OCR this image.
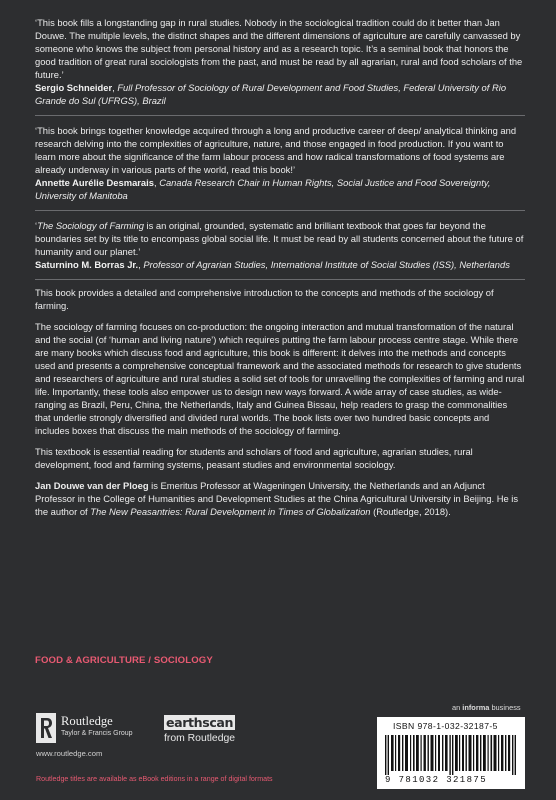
‘This book fills a longstanding gap in rural studies. Nobody in the sociological tradition could do it better than Jan Douwe. The multiple levels, the distinct shapes and the different dimensions of agriculture are carefully canvassed by someone who knows the subject from personal history and as a research topic. It’s a seminal book that honors the good tradition of great rural sociologists from the past, and must be read by all agrarian, rural and food scholars of the future.’
Sergio Schneider, Full Professor of Sociology of Rural Development and Food Studies, Federal University of Rio Grande do Sul (UFRGS), Brazil
‘This book brings together knowledge acquired through a long and productive career of deep/ analytical thinking and research delving into the complexities of agriculture, nature, and those engaged in food production. If you want to learn more about the significance of the farm labour process and how radical transformations of food systems are already underway in various parts of the world, read this book!’
Annette Aurélie Desmarais, Canada Research Chair in Human Rights, Social Justice and Food Sovereignty, University of Manitoba
‘The Sociology of Farming is an original, grounded, systematic and brilliant textbook that goes far beyond the boundaries set by its title to encompass global social life. It must be read by all students concerned about the future of humanity and our planet.’
Saturnino M. Borras Jr., Professor of Agrarian Studies, International Institute of Social Studies (ISS), Netherlands

This book provides a detailed and comprehensive introduction to the concepts and methods of the sociology of farming.

The sociology of farming focuses on co-production: the ongoing interaction and mutual transformation of the natural and the social (of ‘human and living nature’) which requires putting the farm labour process centre stage. While there are many books which discuss food and agriculture, this book is different: it delves into the methods and concepts used and presents a comprehensive conceptual framework and the associated methods for research to give students and researchers of agriculture and rural studies a solid set of tools for unravelling the complexities of farming and rural life. Importantly, these tools also empower us to design new ways forward. A wide array of case studies, as wide-ranging as Brazil, Peru, China, the Netherlands, Italy and Guinea Bissau, help readers to grasp the commonalities that underlie strongly diversified and divided rural worlds. The book lists over two hundred basic concepts and includes boxes that discuss the main methods of the sociology of farming.

This textbook is essential reading for students and scholars of food and agriculture, agrarian studies, rural development, food and farming systems, peasant studies and environmental sociology.

Jan Douwe van der Ploeg is Emeritus Professor at Wageningen University, the Netherlands and an Adjunct Professor in the College of Humanities and Development Studies at the China Agricultural University in Beijing. He is the author of The New Peasantries: Rural Development in Times of Globalization (Routledge, 2018).

FOOD & AGRICULTURE / SOCIOLOGY
an informa business
ISBN 978-1-032-32187-5
9 781032 321875
Routledge
Taylor & Francis Group
www.routledge.com
earthscan
from Routledge
Routledge titles are available as eBook editions in a range of digital formats
